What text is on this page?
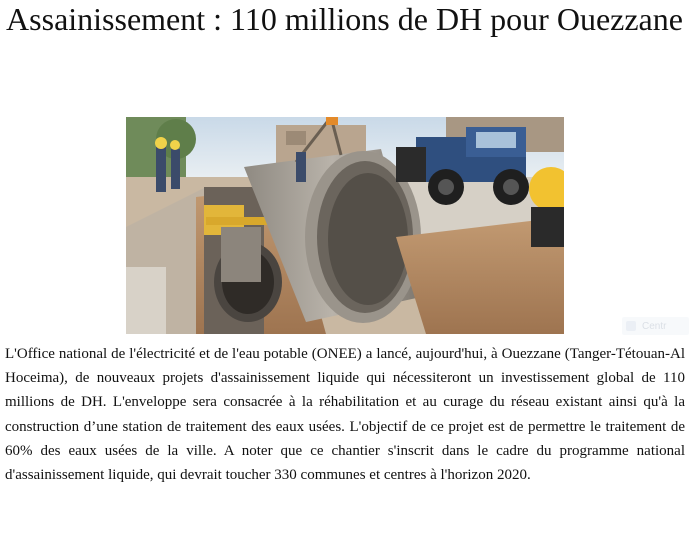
Assainissement : 110 millions de DH pour Ouezzane
Centr

L'Office national de l'électricité et de l'eau potable (ONEE) a lancé, aujourd'hui, à Ouezzane (Tanger-Tétouan-Al Hoceima), de nouveaux projets d'assainissement liquide qui nécessiteront un investissement global de 110 millions de DH. L'enveloppe sera consacrée à la réhabilitation et au curage du réseau existant ainsi qu'à la construction d’une station de traitement des eaux usées. L'objectif de ce projet est de permettre le traitement de 60% des eaux usées de la ville. A noter que ce chantier s'inscrit dans le cadre du programme national d'assainissement liquide, qui devrait toucher 330 communes et centres à l'horizon 2020.
